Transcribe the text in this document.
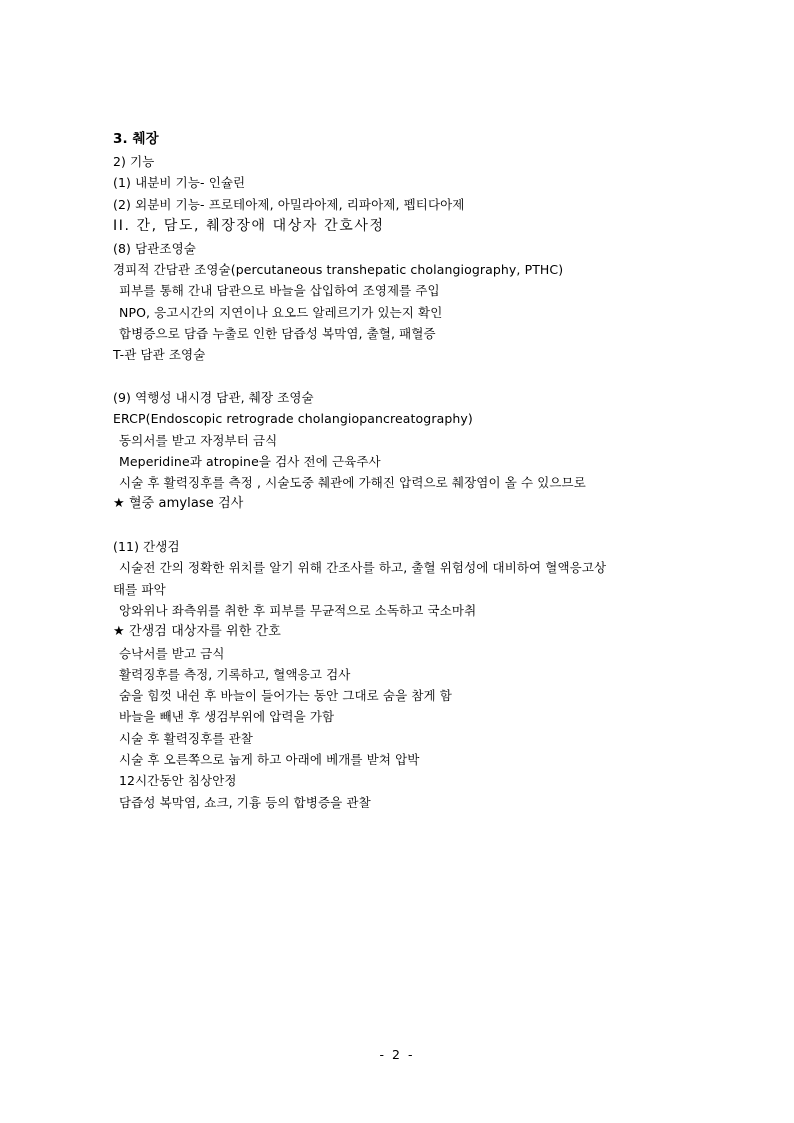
3. 췌장
2) 기능
(1) 내분비 기능- 인슐린
(2) 외분비 기능- 프로테아제, 아밀라아제, 리파아제, 펩티다아제
II. 간, 담도, 췌장장애 대상자 간호사정
(8) 담관조영술
경피적 간담관 조영술(percutaneous transhepatic cholangiography, PTHC)
피부를 통해 간내 담관으로 바늘을 삽입하여 조영제를 주입
NPO, 응고시간의 지연이나 요오드 알레르기가 있는지 확인
합병증으로 담즙 누출로 인한 담즙성 복막염, 출혈, 패혈증
T-관 담관 조영술
(9) 역행성 내시경 담관, 췌장 조영술
ERCP(Endoscopic retrograde cholangiopancreatography)
동의서를 받고 자정부터 금식
Meperidine과 atropine을 검사 전에 근육주사
시술 후 활력징후를 측정 , 시술도중 췌관에 가해진 압력으로 췌장염이 올 수 있으므로
★ 혈중 amylase 검사
(11) 간생검
시술전 간의 정확한 위치를 알기 위해 간조사를 하고, 출혈 위험성에 대비하여 혈액응고상
태를 파악
앙와위나 좌측위를 취한 후 피부를 무균적으로 소독하고 국소마취
★ 간생검 대상자를 위한 간호
승낙서를 받고 금식
활력징후를 측정, 기록하고, 혈액응고 검사
숨을 힘껏 내쉰 후 바늘이 들어가는 동안 그대로 숨을 참게 함
바늘을 빼낸 후 생검부위에 압력을 가함
시술 후 활력징후를 관찰
시술 후 오른쪽으로 눕게 하고 아래에 베개를 받쳐 압박
12시간동안 침상안정
담즙성 복막염, 쇼크, 기흉 등의 합병증을 관찰
- 2 -
